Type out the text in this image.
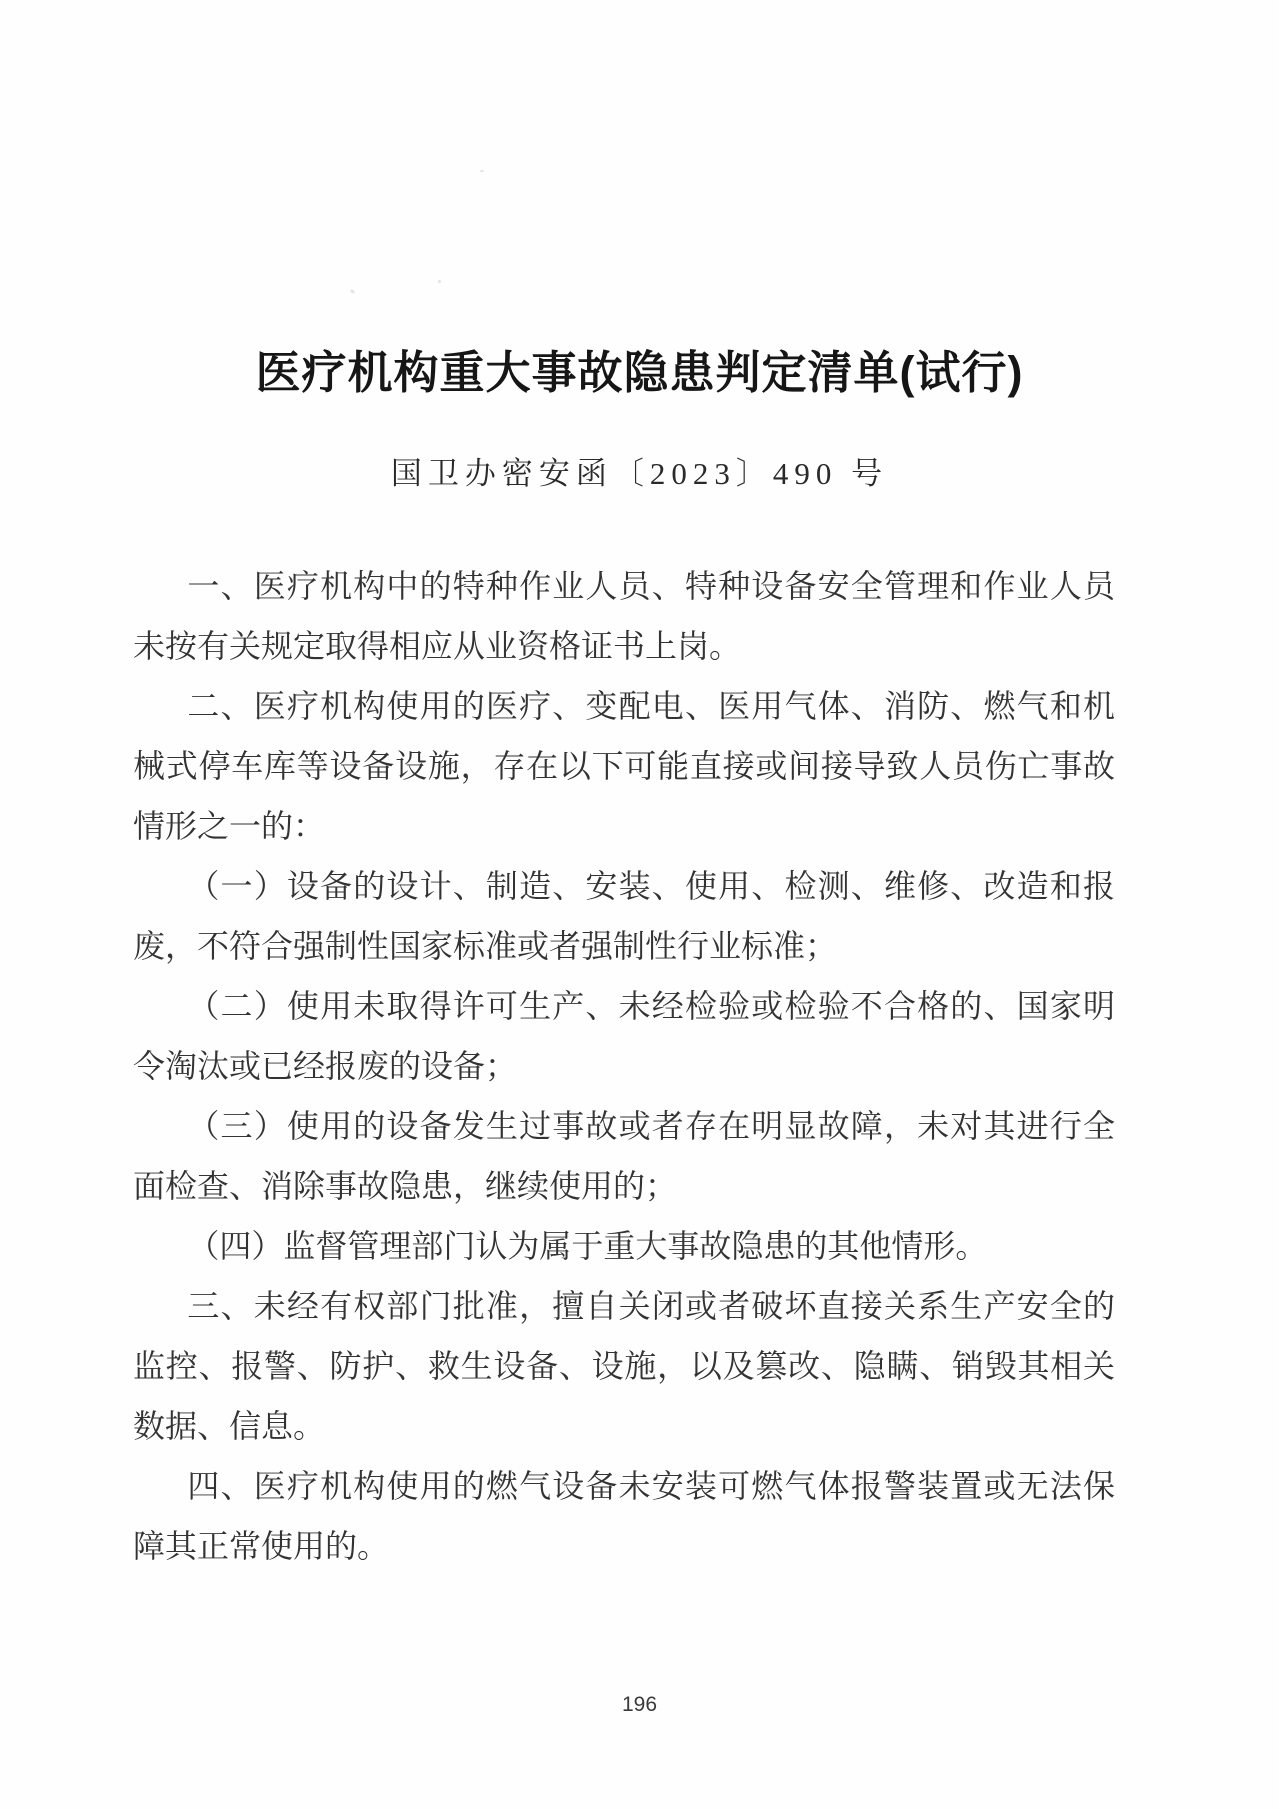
医疗机构重大事故隐患判定清单(试行)
国卫办密安函〔2023〕490 号

一、医疗机构中的特种作业人员、特种设备安全管理和作业人员未按有关规定取得相应从业资格证书上岗。

二、医疗机构使用的医疗、变配电、医用气体、消防、燃气和机械式停车库等设备设施，存在以下可能直接或间接导致人员伤亡事故情形之一的：

（一）设备的设计、制造、安装、使用、检测、维修、改造和报废，不符合强制性国家标准或者强制性行业标准；

（二）使用未取得许可生产、未经检验或检验不合格的、国家明令淘汰或已经报废的设备；

（三）使用的设备发生过事故或者存在明显故障，未对其进行全面检查、消除事故隐患，继续使用的；

（四）监督管理部门认为属于重大事故隐患的其他情形。

三、未经有权部门批准，擅自关闭或者破坏直接关系生产安全的监控、报警、防护、救生设备、设施，以及篡改、隐瞒、销毁其相关数据、信息。

四、医疗机构使用的燃气设备未安装可燃气体报警装置或无法保障其正常使用的。

196
